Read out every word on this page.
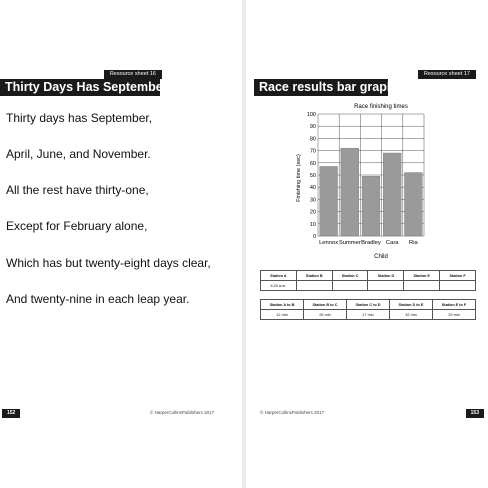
Resource sheet 16
Thirty Days Has September
Thirty days has September,
April, June, and November.
All the rest have thirty-one,
Except for February alone,
Which has but twenty-eight days clear,
And twenty-nine in each leap year.
152	© HarperCollinsPublishers 2017
Resource sheet 17
Race results bar graph
Race finishing times
0
10
20
30
40
50
60
70
80
90
100
Lennox Summer Bradley Cara Ria
Child
Finishing time (sec)
Station A	Station B	Station C	Station D	Station E	Station F
6.20 a.m.					
Station A to B	Station B to C	Station C to D	Station D to E	Station E to F
12 min	26 min	17 min	32 min	29 min
© HarperCollinsPublishers 2017	153
